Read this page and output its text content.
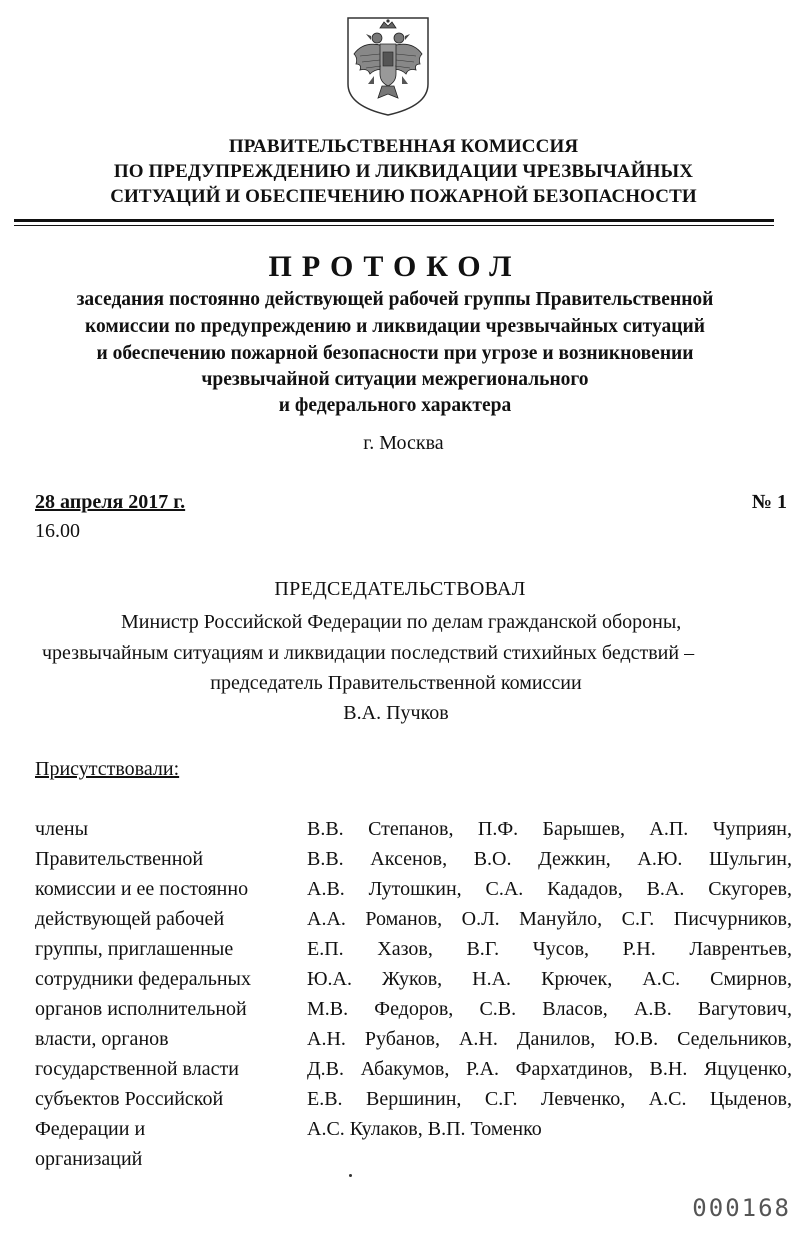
ПРАВИТЕЛЬСТВЕННАЯ КОМИССИЯ
ПО ПРЕДУПРЕЖДЕНИЮ И ЛИКВИДАЦИИ ЧРЕЗВЫЧАЙНЫХ
СИТУАЦИЙ И ОБЕСПЕЧЕНИЮ ПОЖАРНОЙ БЕЗОПАСНОСТИ
ПРОТОКОЛ
заседания постоянно действующей рабочей группы Правительственной
комиссии по предупреждению и ликвидации чрезвычайных ситуаций
и обеспечению пожарной безопасности при угрозе и возникновении
чрезвычайной ситуации межрегионального
и федерального характера
г. Москва
28 апреля 2017 г.	№ 1
16.00
ПРЕДСЕДАТЕЛЬСТВОВАЛ
Министр Российской Федерации по делам гражданской обороны,
чрезвычайным ситуациям и ликвидации последствий стихийных бедствий –
председатель Правительственной комиссии
В.А. Пучков
Присутствовали:
члены
Правительственной
комиссии и ее постоянно
действующей рабочей
группы, приглашенные
сотрудники федеральных
органов исполнительной
власти, органов
государственной власти
субъектов Российской
Федерации и
организаций
В.В. Степанов, П.Ф. Барышев, А.П. Чуприян,
В.В. Аксенов, В.О. Дежкин, А.Ю. Шульгин,
А.В. Лутошкин, С.А. Кададов, В.А. Скугорев,
А.А. Романов, О.Л. Мануйло, С.Г. Писчурников,
Е.П. Хазов, В.Г. Чусов, Р.Н. Лаврентьев,
Ю.А. Жуков, Н.А. Крючек, А.С. Смирнов,
М.В. Федоров, С.В. Власов, А.В. Вагутович,
А.Н. Рубанов, А.Н. Данилов, Ю.В. Седельников,
Д.В. Абакумов, Р.А. Фархатдинов, В.Н. Яцуценко,
Е.В. Вершинин, С.Г. Левченко, А.С. Цыденов,
А.С. Кулаков, В.П. Томенко
000168
